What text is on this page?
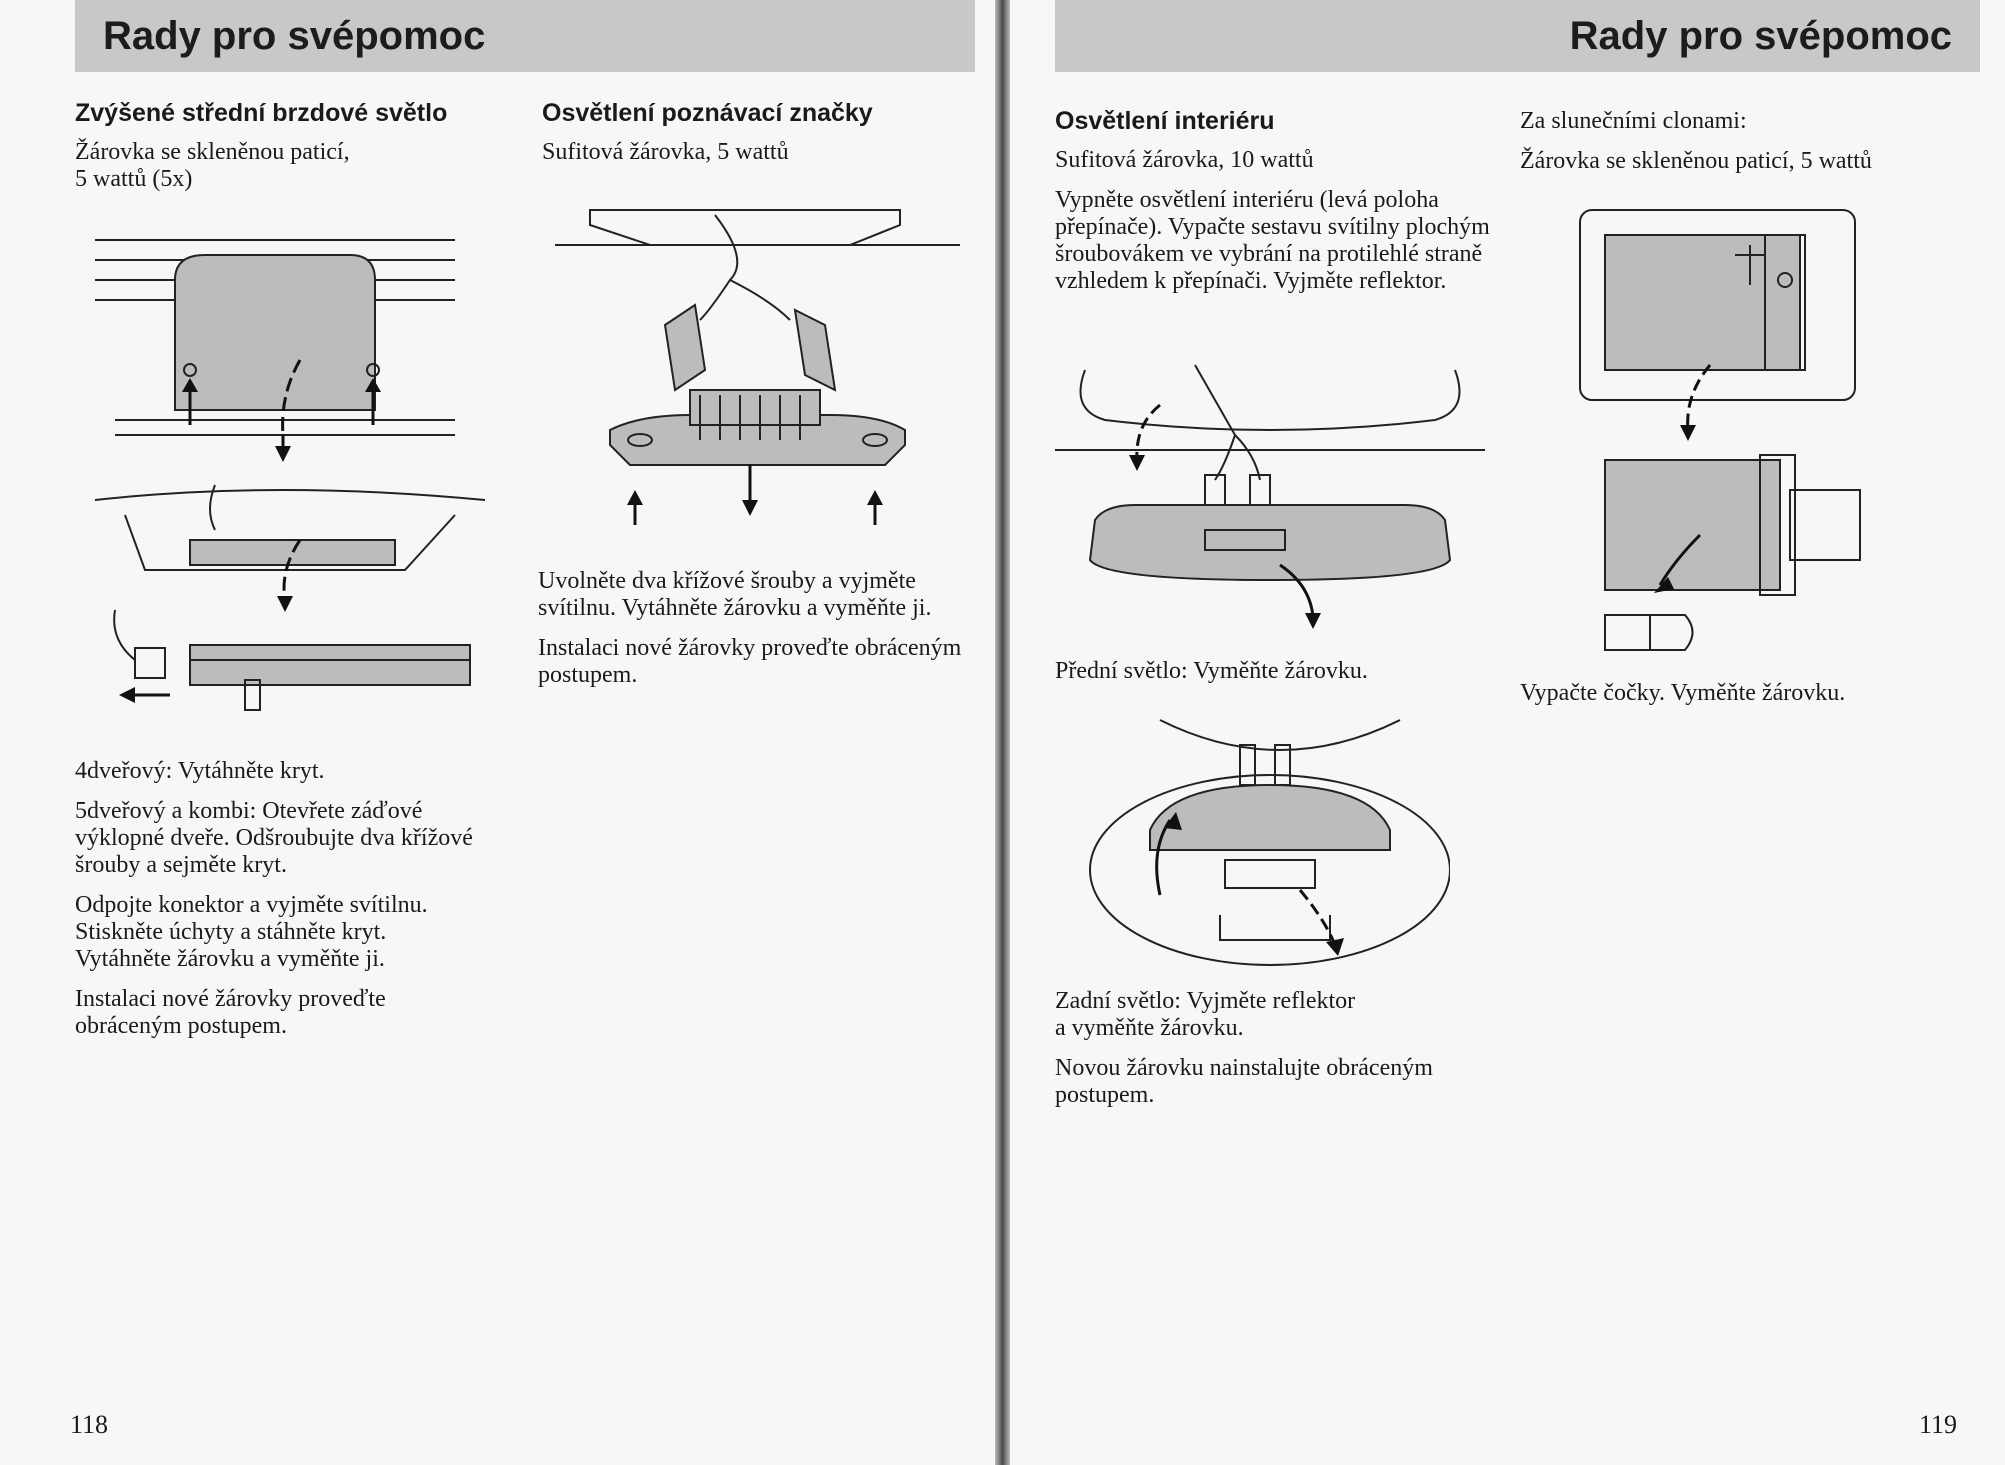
Rady pro svépomoc
Zvýšené střední brzdové světlo

Žárovka se skleněnou paticí,
5 wattů (5x)

4dveřový: Vytáhněte kryt.

5dveřový a kombi: Otevřete záďové výklopné dveře. Odšroubujte dva křížové šrouby a sejměte kryt.

Odpojte konektor a vyjměte svítilnu. Stiskněte úchyty a stáhněte kryt. Vytáhněte žárovku a vyměňte ji.

Instalaci nové žárovky proveďte obráceným postupem.

Osvětlení poznávací značky

Sufitová žárovka, 5 wattů

Uvolněte dva křížové šrouby a vyjměte svítilnu. Vytáhněte žárovku a vyměňte ji.

Instalaci nové žárovky proveďte obráceným postupem.

118
Rady pro svépomoc
Osvětlení interiéru

Sufitová žárovka, 10 wattů

Vypněte osvětlení interiéru (levá poloha přepínače). Vypačte sestavu svítilny plochým šroubovákem ve vybrání na protilehlé straně vzhledem k přepínači. Vyjměte reflektor.

Přední světlo: Vyměňte žárovku.

Zadní světlo: Vyjměte reflektor
a vyměňte žárovku.

Novou žárovku nainstalujte obráceným postupem.

Za slunečními clonami:

Žárovka se skleněnou paticí, 5 wattů

Vypačte čočky. Vyměňte žárovku.

119
